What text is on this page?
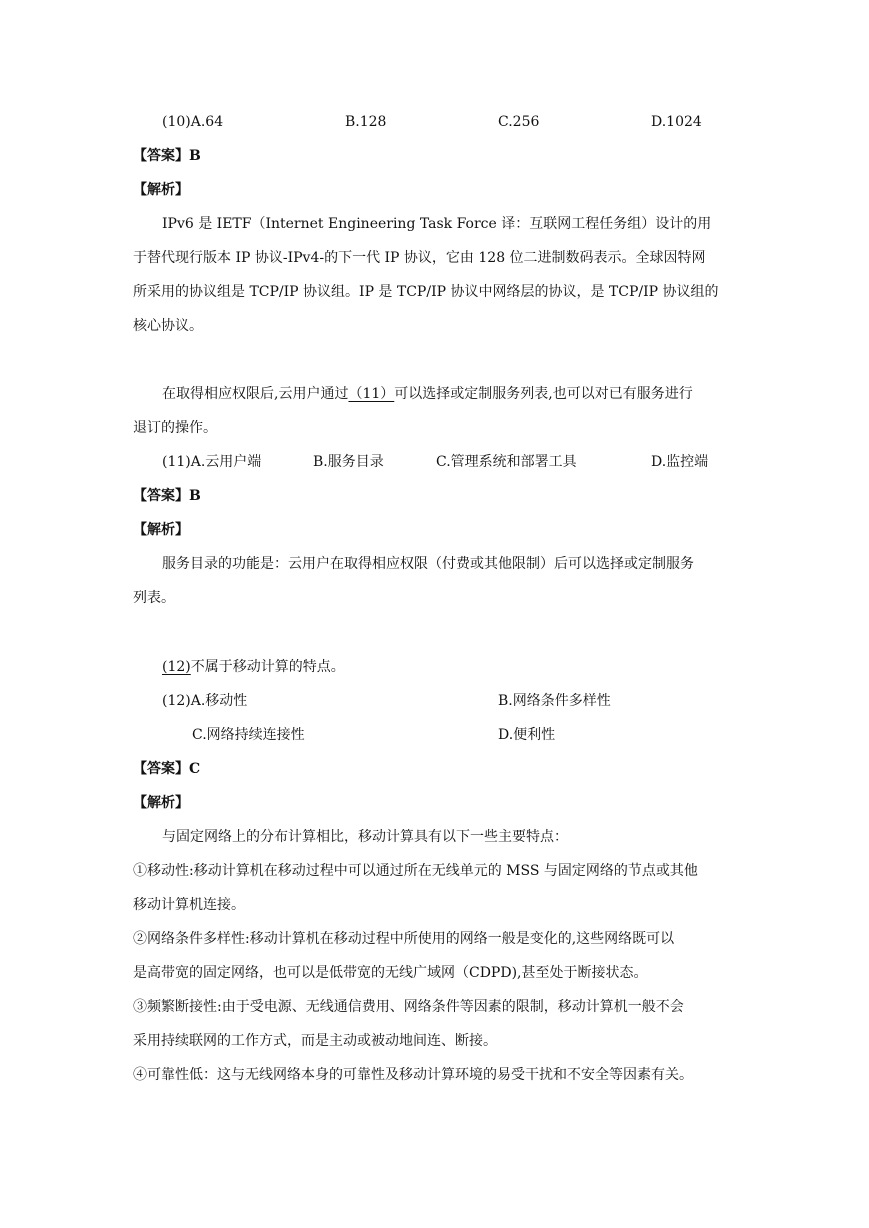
(10)A.64	B.128	C.256	D.1024
【答案】B
【解析】
IPv6 是 IETF（Internet Engineering Task Force 译：互联网工程任务组）设计的用
于替代现行版本 IP 协议-IPv4-的下一代 IP 协议，它由 128 位二进制数码表示。全球因特网
所采用的协议组是 TCP/IP 协议组。IP 是 TCP/IP 协议中网络层的协议，是 TCP/IP 协议组的
核心协议。
在取得相应权限后,云用户通过（11）可以选择或定制服务列表,也可以对已有服务进行
退订的操作。
(11)A.云用户端	B.服务目录	C.管理系统和部署工具	D.监控端
【答案】B
【解析】
服务目录的功能是：云用户在取得相应权限（付费或其他限制）后可以选择或定制服务
列表。
(12)不属于移动计算的特点。
(12)A.移动性	B.网络条件多样性
C.网络持续连接性	D.便利性
【答案】C
【解析】
与固定网络上的分布计算相比，移动计算具有以下一些主要特点：
①移动性:移动计算机在移动过程中可以通过所在无线单元的 MSS 与固定网络的节点或其他
移动计算机连接。
②网络条件多样性:移动计算机在移动过程中所使用的网络一般是变化的,这些网络既可以
是高带宽的固定网络，也可以是低带宽的无线广域网（CDPD),甚至处于断接状态。
③频繁断接性:由于受电源、无线通信费用、网络条件等因素的限制，移动计算机一般不会
采用持续联网的工作方式，而是主动或被动地间连、断接。
④可靠性低：这与无线网络本身的可靠性及移动计算环境的易受干扰和不安全等因素有关。
